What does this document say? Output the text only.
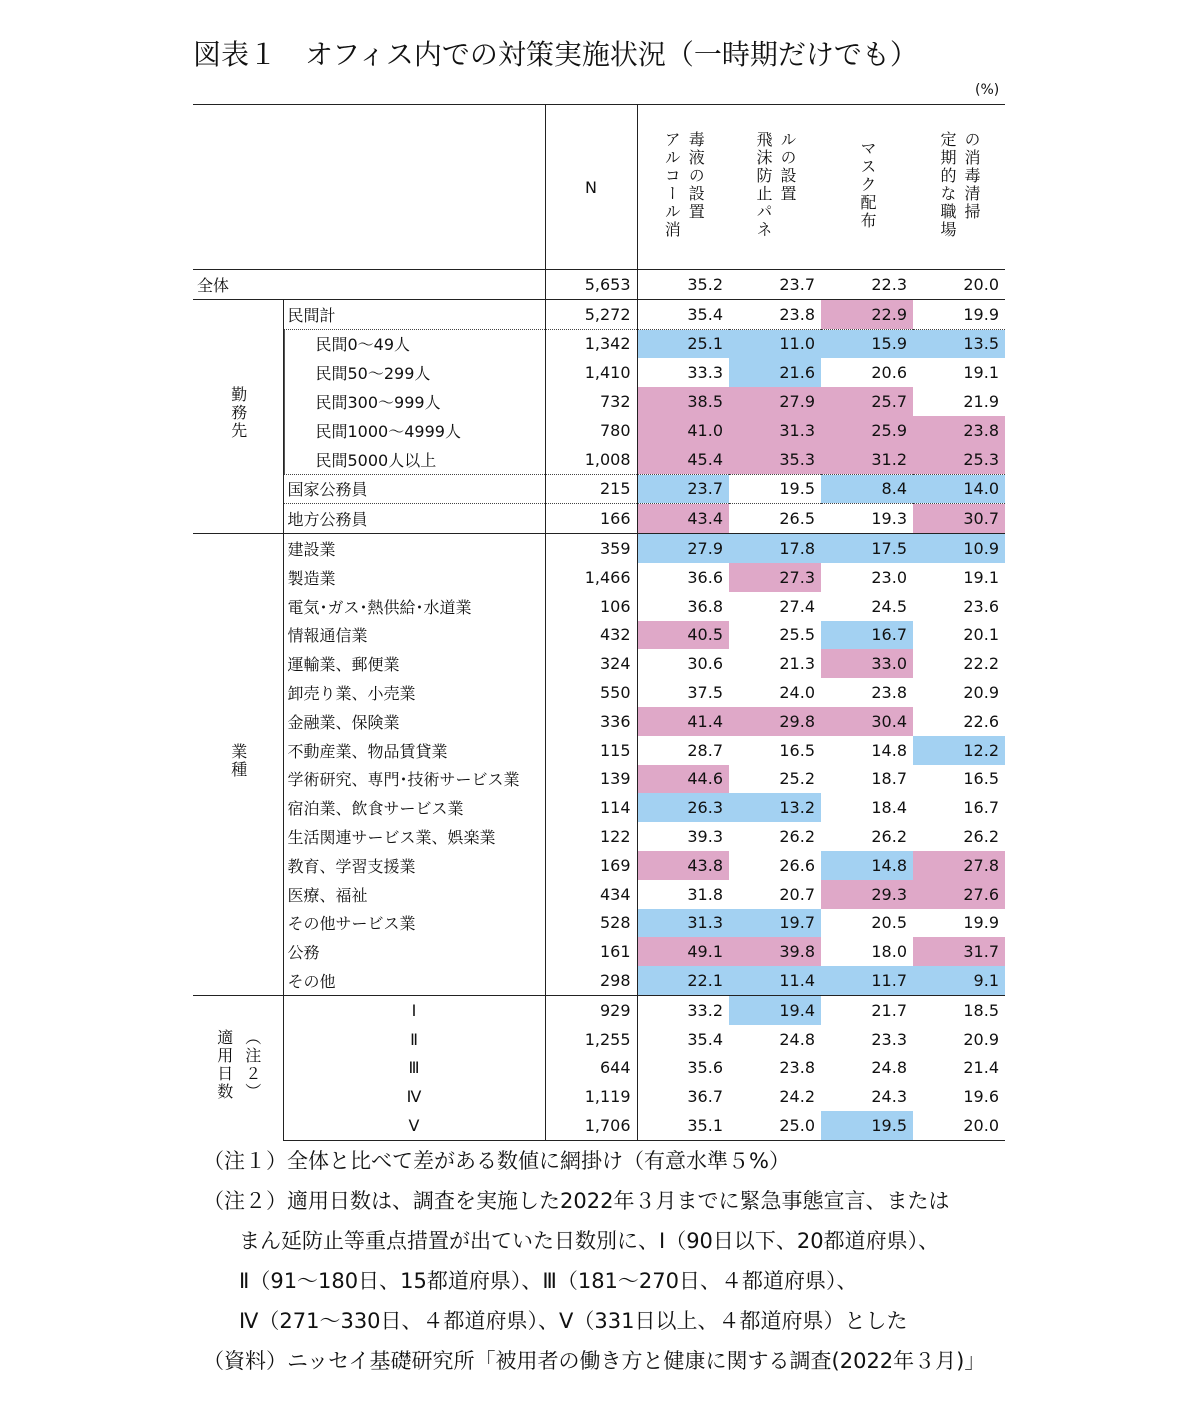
図表１　オフィス内での対策実施状況（一時期だけでも）
(%)
		N	アルコール消 毒液の設置	飛沫防止パネ ルの設置	マスク配布	定期的な職場 の消毒清掃
全体		5,653	35.2	23.7	22.3	20.0
勤務先	民間計	5,272	35.4	23.8	22.9	19.9
	民間0～49人	1,342	25.1	11.0	15.9	13.5
	民間50～299人	1,410	33.3	21.6	20.6	19.1
	民間300～999人	732	38.5	27.9	25.7	21.9
	民間1000～4999人	780	41.0	31.3	25.9	23.8
	民間5000人以上	1,008	45.4	35.3	31.2	25.3
	国家公務員	215	23.7	19.5	8.4	14.0
	地方公務員	166	43.4	26.5	19.3	30.7
業種	建設業	359	27.9	17.8	17.5	10.9
	製造業	1,466	36.6	27.3	23.0	19.1
	電気･ガス･熱供給･水道業	106	36.8	27.4	24.5	23.6
	情報通信業	432	40.5	25.5	16.7	20.1
	運輸業、郵便業	324	30.6	21.3	33.0	22.2
	卸売り業、小売業	550	37.5	24.0	23.8	20.9
	金融業、保険業	336	41.4	29.8	30.4	22.6
	不動産業、物品賃貸業	115	28.7	16.5	14.8	12.2
	学術研究、専門･技術サービス業	139	44.6	25.2	18.7	16.5
	宿泊業、飲食サービス業	114	26.3	13.2	18.4	16.7
	生活関連サービス業、娯楽業	122	39.3	26.2	26.2	26.2
	教育、学習支援業	169	43.8	26.6	14.8	27.8
	医療、福祉	434	31.8	20.7	29.3	27.6
	その他サービス業	528	31.3	19.7	20.5	19.9
	公務	161	49.1	39.8	18.0	31.7
	その他	298	22.1	11.4	11.7	9.1

適用日数 （注２）	Ⅰ	929	33.2	19.4	21.7	18.5
	Ⅱ	1,255	35.4	24.8	23.3	20.9
	Ⅲ	644	35.6	23.8	24.8	21.4
	Ⅳ	1,119	36.7	24.2	24.3	19.6
	Ⅴ	1,706	35.1	25.0	19.5	20.0
（注１）全体と比べて差がある数値に網掛け（有意水準５%）
（注２）適用日数は、調査を実施した2022年３月までに緊急事態宣言、または
まん延防止等重点措置が出ていた日数別に、Ⅰ（90日以下、20都道府県）、
Ⅱ（91～180日、15都道府県）、Ⅲ（181～270日、４都道府県）、
Ⅳ（271～330日、４都道府県）、Ⅴ（331日以上、４都道府県）とした
（資料）ニッセイ基礎研究所「被用者の働き方と健康に関する調査(2022年３月)」
